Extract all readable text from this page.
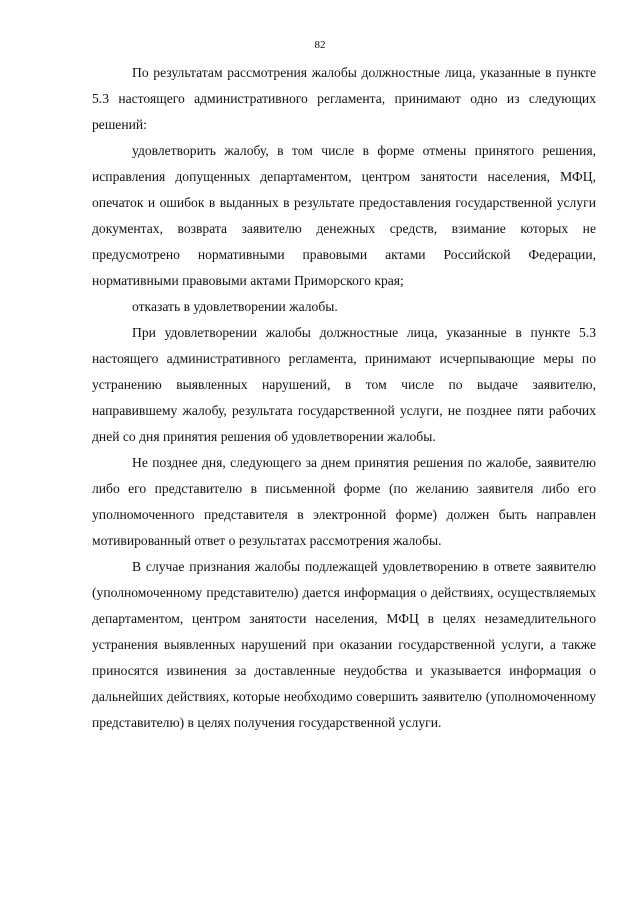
82

По результатам рассмотрения жалобы должностные лица, указанные в пункте 5.3 настоящего административного регламента, принимают одно из следующих решений:

удовлетворить жалобу, в том числе в форме отмены принятого решения, исправления допущенных департаментом, центром занятости населения, МФЦ, опечаток и ошибок в выданных в результате предоставления государственной услуги документах, возврата заявителю денежных средств, взимание которых не предусмотрено нормативными правовыми актами Российской Федерации, нормативными правовыми актами Приморского края;

отказать в удовлетворении жалобы.

При удовлетворении жалобы должностные лица, указанные в пункте 5.3 настоящего административного регламента, принимают исчерпывающие меры по устранению выявленных нарушений, в том числе по выдаче заявителю, направившему жалобу, результата государственной услуги, не позднее пяти рабочих дней со дня принятия решения об удовлетворении жалобы.

Не позднее дня, следующего за днем принятия решения по жалобе, заявителю либо его представителю в письменной форме (по желанию заявителя либо его уполномоченного представителя в электронной форме) должен быть направлен мотивированный ответ о результатах рассмотрения жалобы.

В случае признания жалобы подлежащей удовлетворению в ответе заявителю (уполномоченному представителю) дается информация о действиях, осуществляемых департаментом, центром занятости населения, МФЦ в целях незамедлительного устранения выявленных нарушений при оказании государственной услуги, а также приносятся извинения за доставленные неудобства и указывается информация о дальнейших действиях, которые необходимо совершить заявителю (уполномоченному представителю) в целях получения государственной услуги.
